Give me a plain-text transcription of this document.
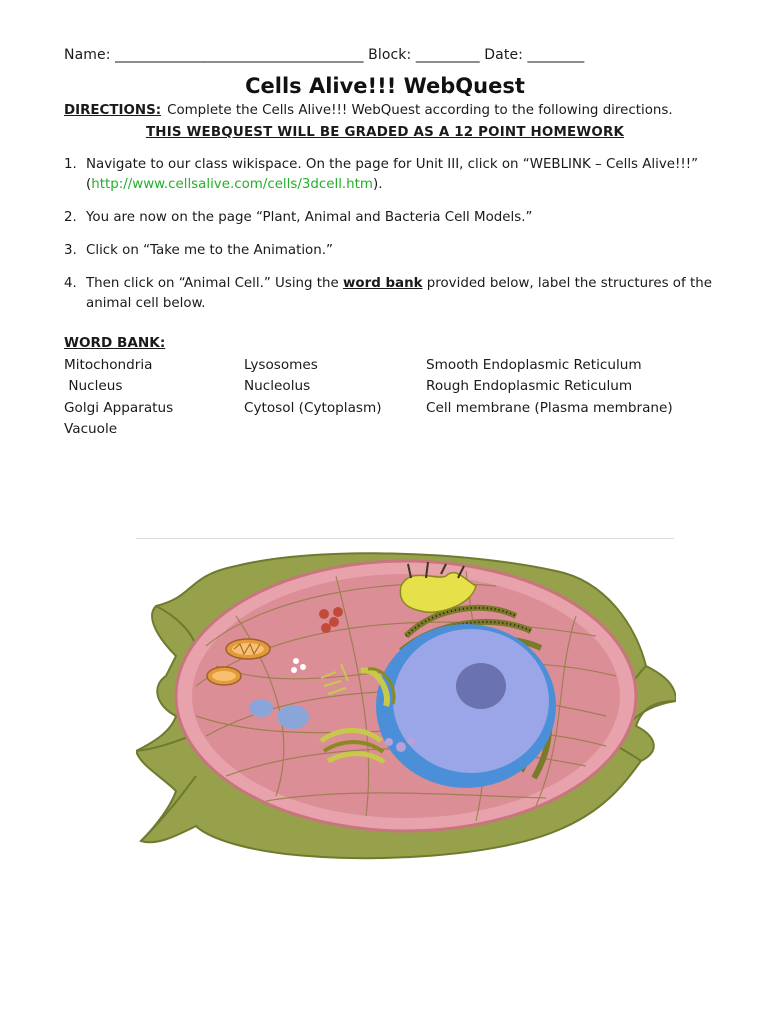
Name: ___________________________________ Block: _________ Date: ________
Cells Alive!!! WebQuest
DIRECTIONS: Complete the Cells Alive!!! WebQuest according to the following directions.
THIS WEBQUEST WILL BE GRADED AS A 12 POINT HOMEWORK
1. Navigate to our class wikispace. On the page for Unit III, click on “WEBLINK – Cells Alive!!!”
(http://www.cellsalive.com/cells/3dcell.htm).
2. You are now on the page “Plant, Animal and Bacteria Cell Models.”
3. Click on “Take me to the Animation.”
4. Then click on “Animal Cell.” Using the word bank provided below, label the structures of the animal cell below.
WORD BANK:
Mitochondria	Lysosomes	Smooth Endoplasmic Reticulum
Nucleus	Nucleolus	Rough Endoplasmic Reticulum
Golgi Apparatus	Cytosol (Cytoplasm)	Cell membrane (Plasma membrane)
Vacuole
